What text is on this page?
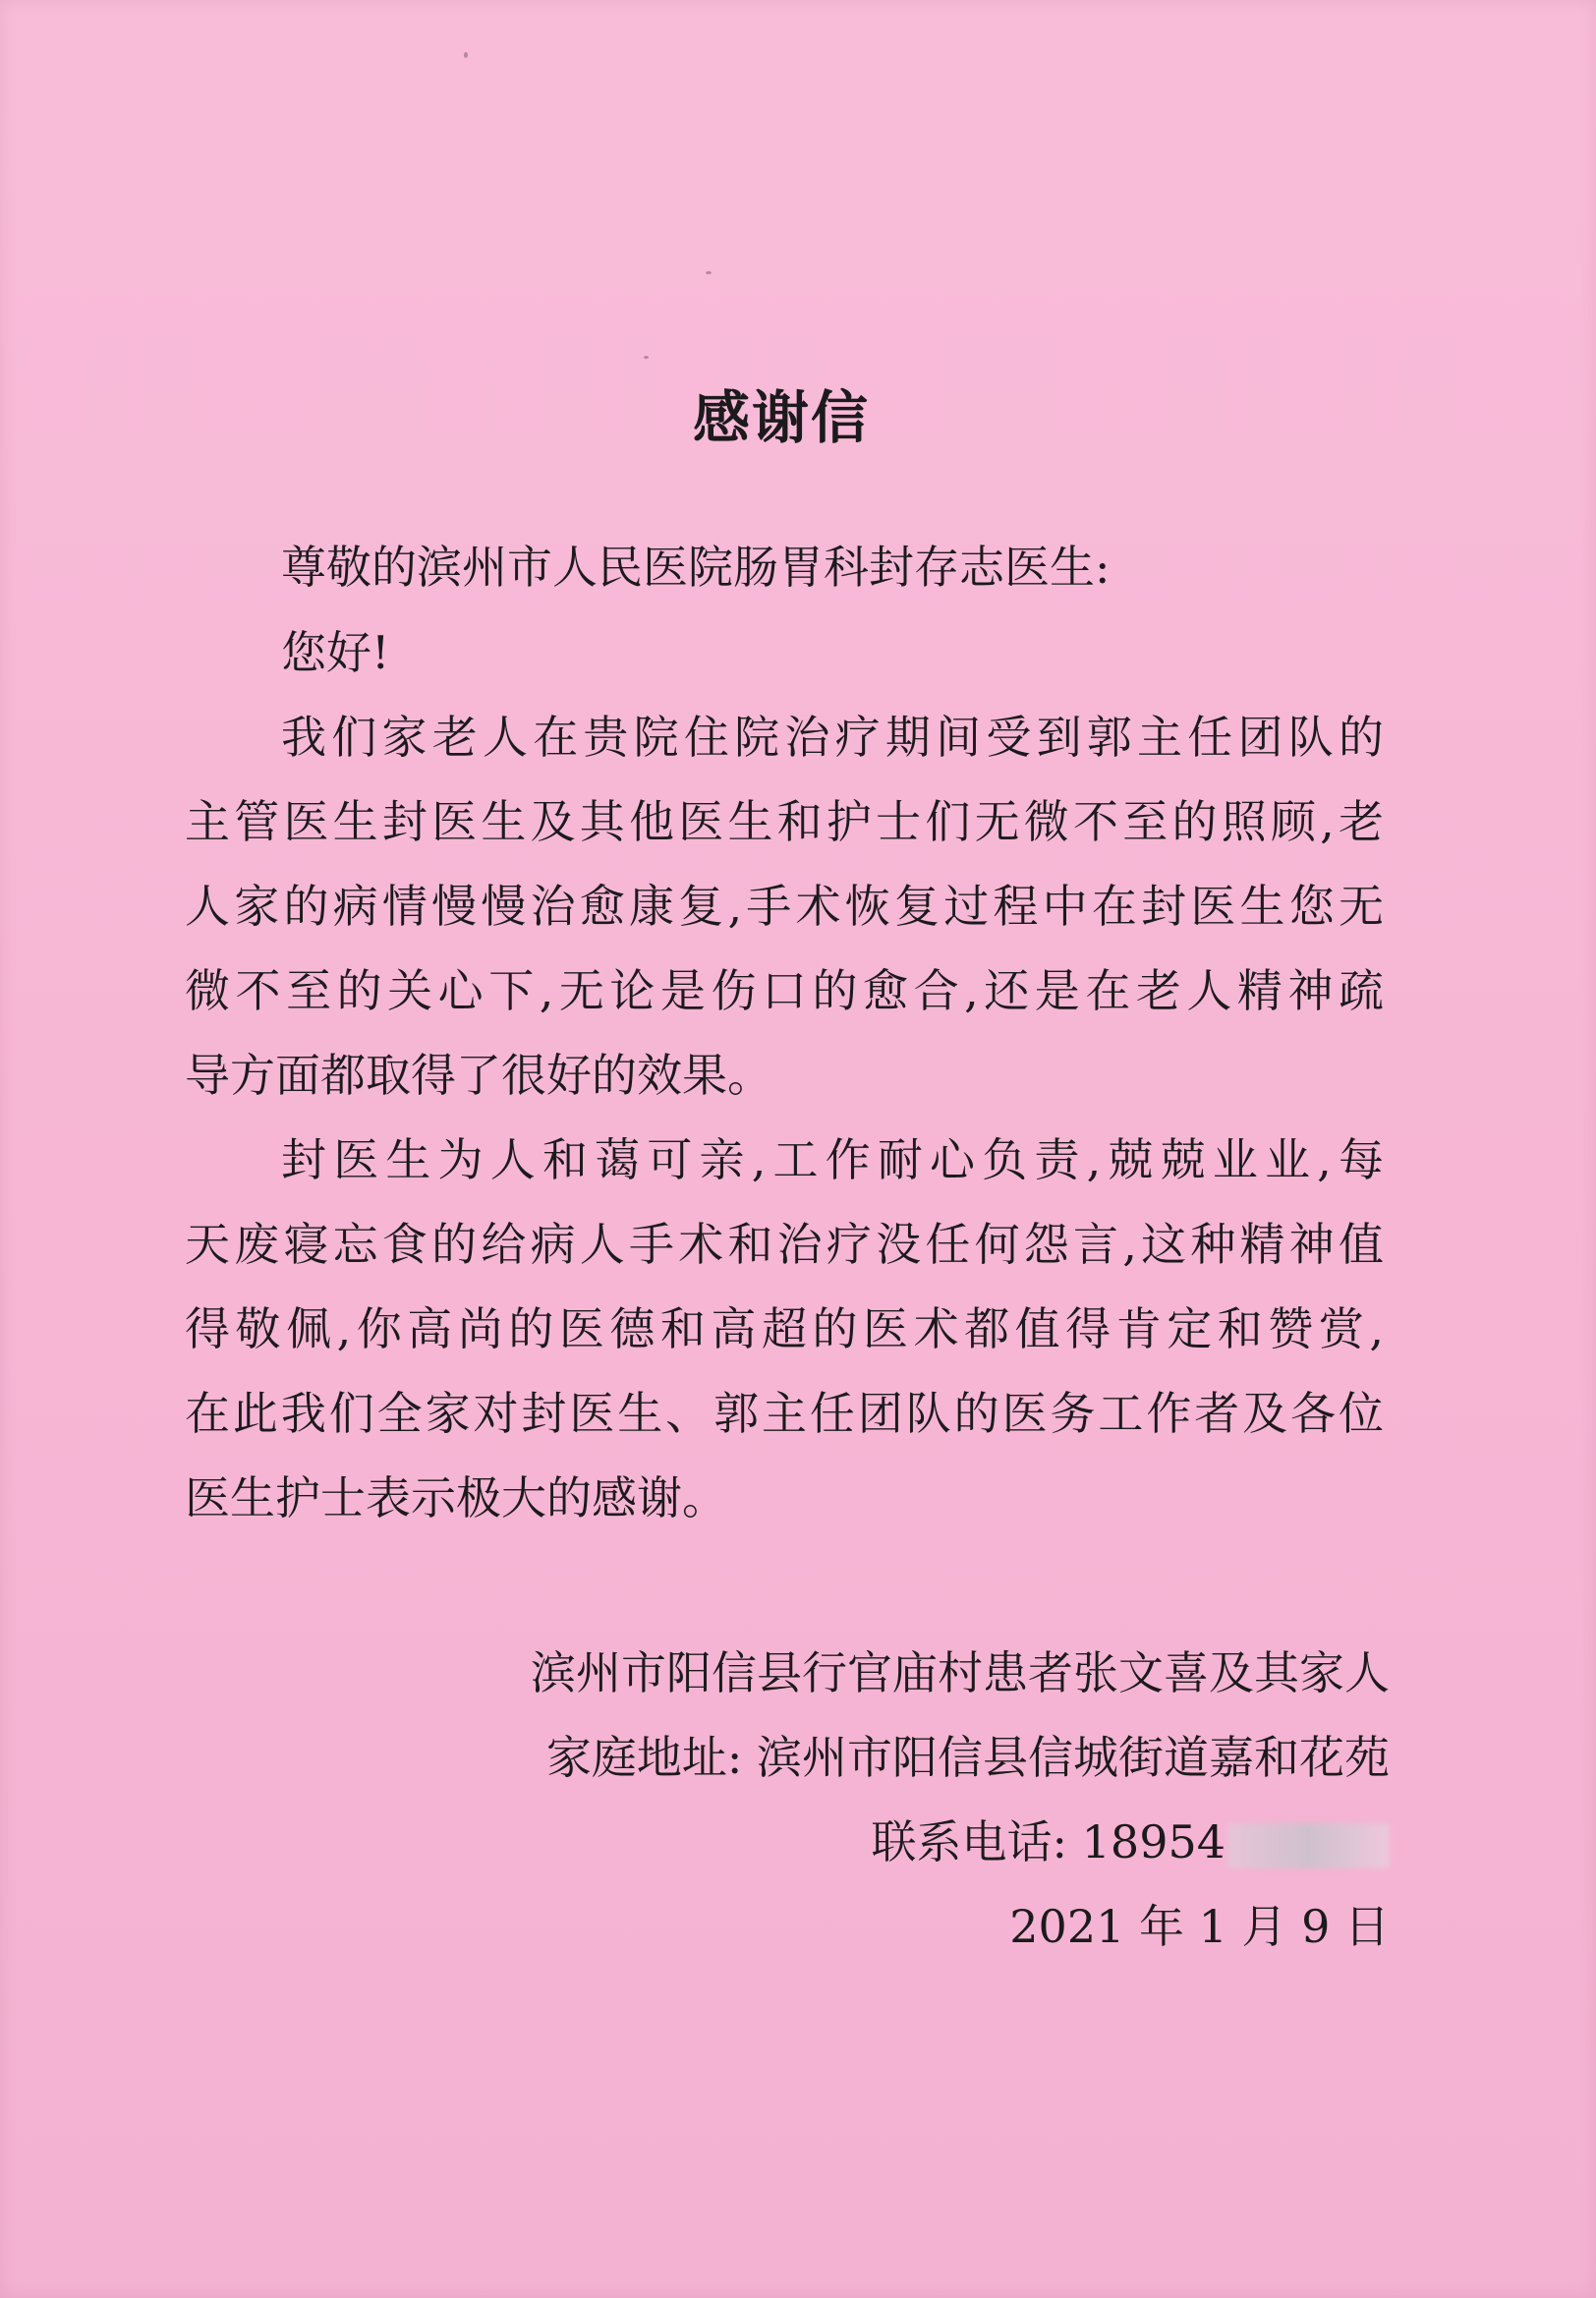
感谢信
尊敬的滨州市人民医院肠胃科封存志医生:
您好!
我们家老人在贵院住院治疗期间受到郭主任团队的
主管医生封医生及其他医生和护士们无微不至的照顾,老
人家的病情慢慢治愈康复,手术恢复过程中在封医生您无
微不至的关心下,无论是伤口的愈合,还是在老人精神疏
导方面都取得了很好的效果。
封医生为人和蔼可亲,工作耐心负责,兢兢业业,每
天废寝忘食的给病人手术和治疗没任何怨言,这种精神值
得敬佩,你高尚的医德和高超的医术都值得肯定和赞赏,
在此我们全家对封医生、郭主任团队的医务工作者及各位
医生护士表示极大的感谢。
滨州市阳信县行官庙村患者张文喜及其家人
家庭地址: 滨州市阳信县信城街道嘉和花苑
联系电话: 18954
2021 年 1 月 9 日
